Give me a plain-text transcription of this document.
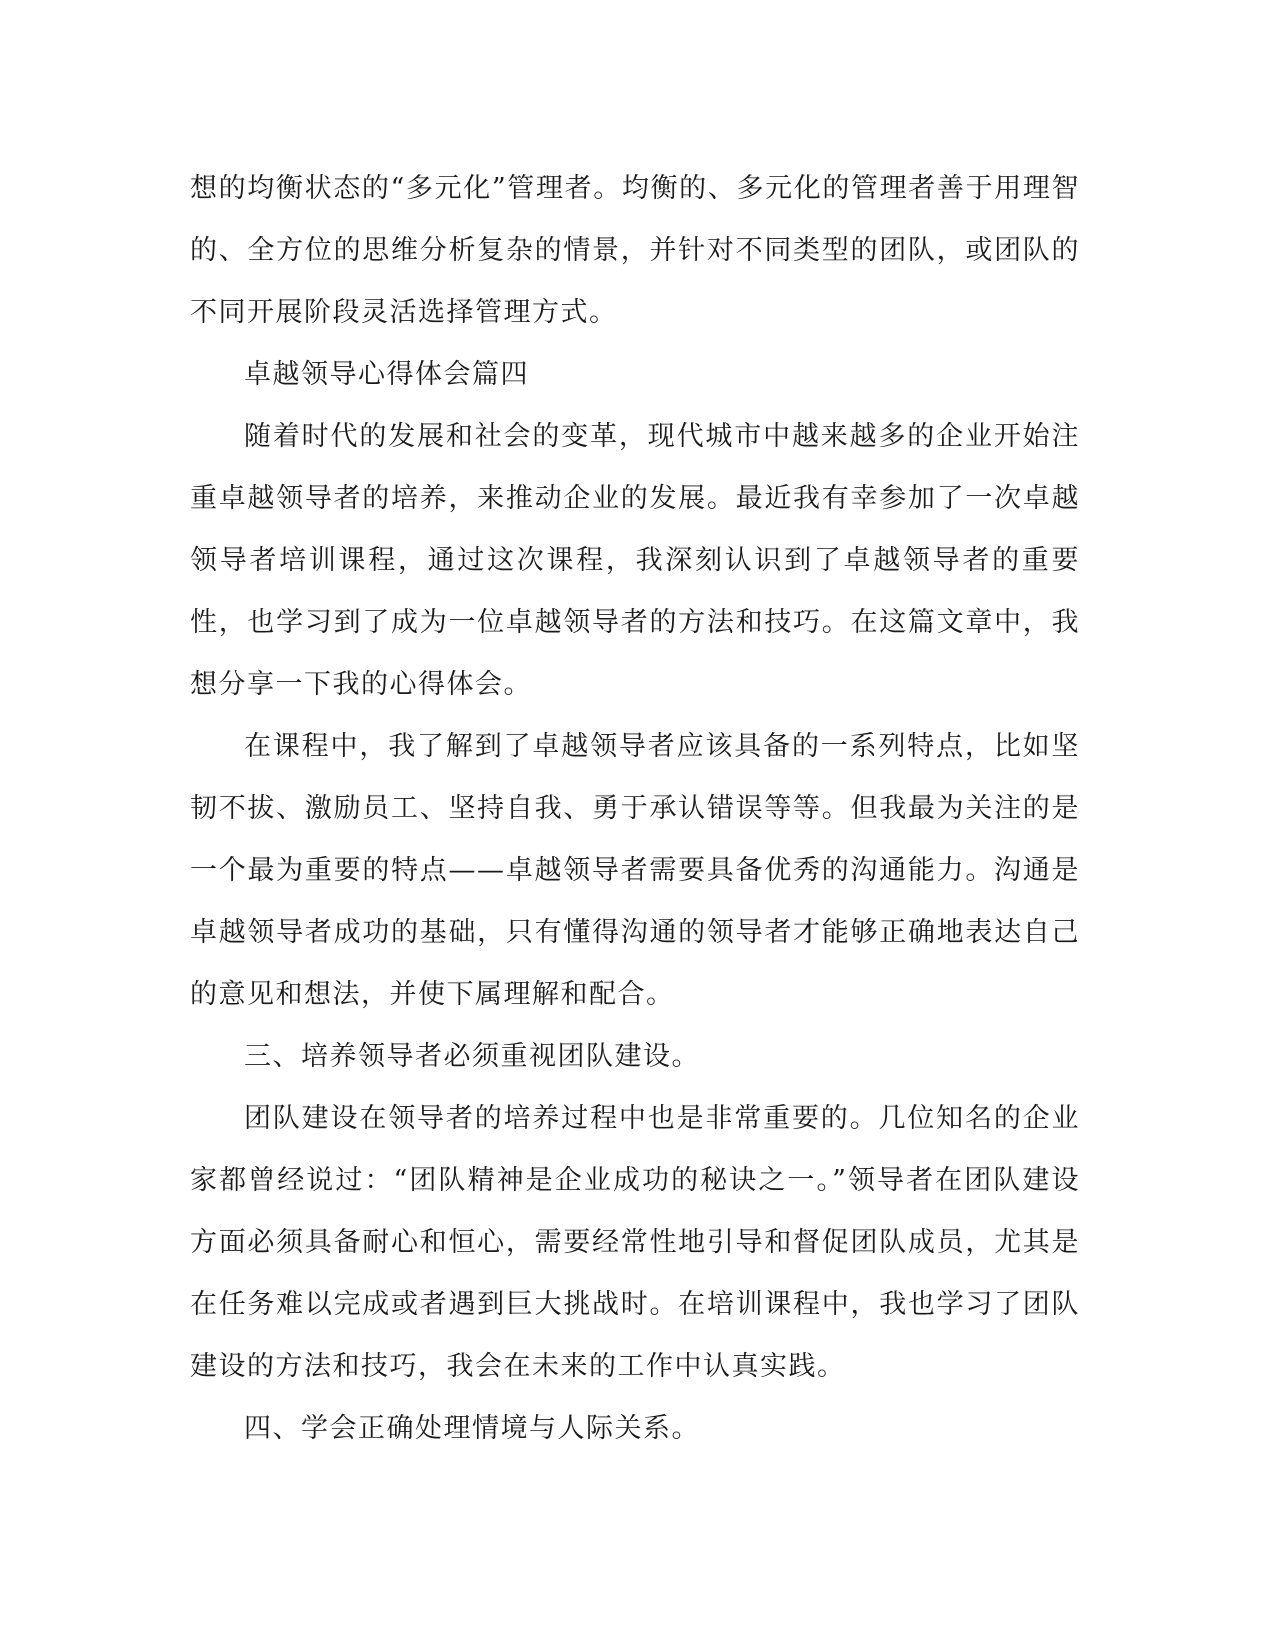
想的均衡状态的“多元化”管理者。均衡的、多元化的管理者善于用理智的、全方位的思维分析复杂的情景，并针对不同类型的团队，或团队的不同开展阶段灵活选择管理方式。

卓越领导心得体会篇四

随着时代的发展和社会的变革，现代城市中越来越多的企业开始注重卓越领导者的培养，来推动企业的发展。最近我有幸参加了一次卓越领导者培训课程，通过这次课程，我深刻认识到了卓越领导者的重要性，也学习到了成为一位卓越领导者的方法和技巧。在这篇文章中，我想分享一下我的心得体会。

在课程中，我了解到了卓越领导者应该具备的一系列特点，比如坚韧不拔、激励员工、坚持自我、勇于承认错误等等。但我最为关注的是一个最为重要的特点——卓越领导者需要具备优秀的沟通能力。沟通是卓越领导者成功的基础，只有懂得沟通的领导者才能够正确地表达自己的意见和想法，并使下属理解和配合。

三、培养领导者必须重视团队建设。

团队建设在领导者的培养过程中也是非常重要的。几位知名的企业家都曾经说过：“团队精神是企业成功的秘诀之一。”领导者在团队建设方面必须具备耐心和恒心，需要经常性地引导和督促团队成员，尤其是在任务难以完成或者遇到巨大挑战时。在培训课程中，我也学习了团队建设的方法和技巧，我会在未来的工作中认真实践。

四、学会正确处理情境与人际关系。
